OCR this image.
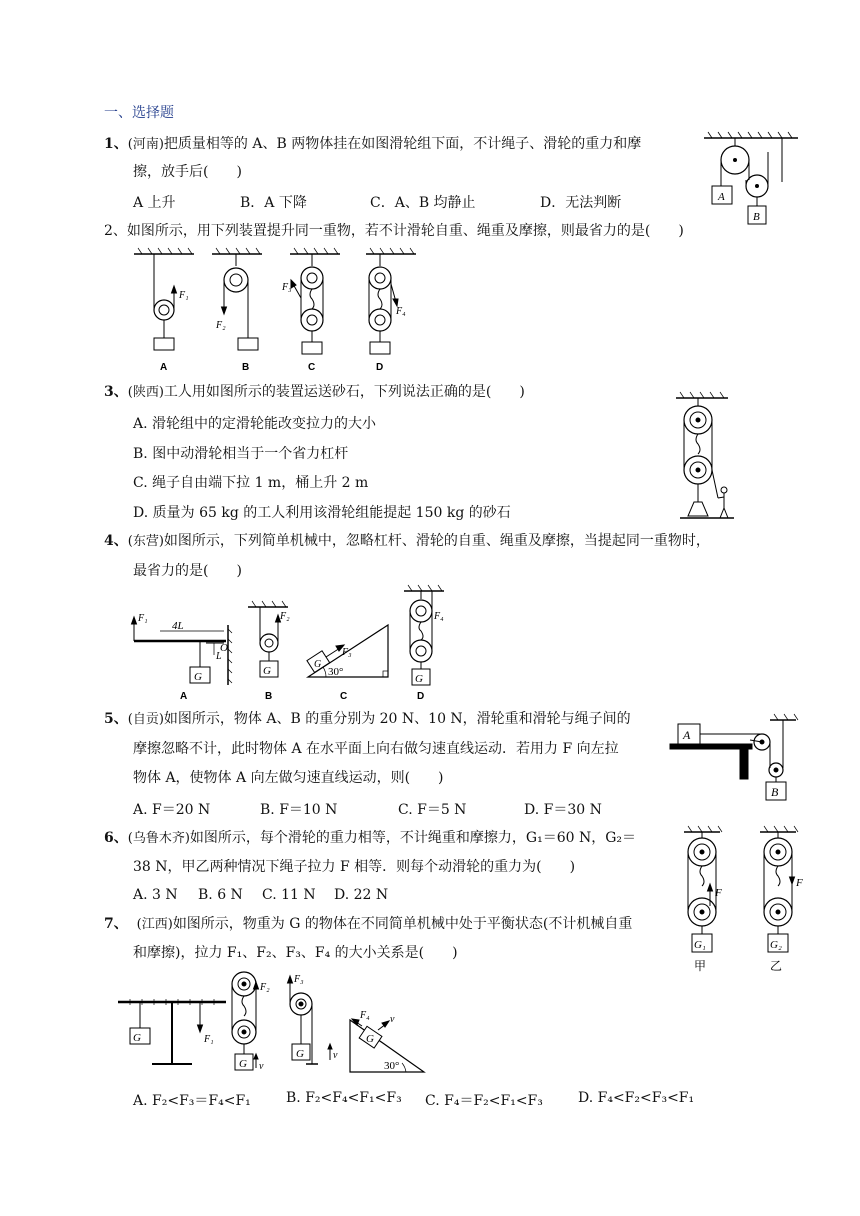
一、选择题
1、(河南)把质量相等的 A、B 两物体挂在如图滑轮组下面，不计绳子、滑轮的重力和摩
擦，放手后(　　)
A 上升	B．A 下降	C．A、B 均静止	D．无法判断	A
B
2、如图所示，用下列装置提升同一重物，若不计滑轮自重、绳重及摩擦，则最省力的是(　　)
F₁
F₂
F₃
F₄
A	B	C	D
3、(陕西)工人用如图所示的装置运送砂石，下列说法正确的是(　　)
A. 滑轮组中的定滑轮能改变拉力的大小
B. 图中动滑轮相当于一个省力杠杆
C. 绳子自由端下拉 1 m，桶上升 2 m
D. 质量为 65 kg 的工人利用该滑轮组能提起 150 kg 的砂石
4、(东营)如图所示，下列简单机械中，忽略杠杆、滑轮的自重、绳重及摩擦，当提起同一重物时，
最省力的是(　　)
F₁
4L
O
L
G
F₂
G
F₃
G
30°
F₄
G
A	B	C	D
5、(自贡)如图所示，物体 A、B 的重分别为 20 N、10 N，滑轮重和滑轮与绳子间的
摩擦忽略不计，此时物体 A 在水平面上向右做匀速直线运动．若用力 F 向左拉
物体 A，使物体 A 向左做匀速直线运动，则(　　)
A. F＝20 N	B. F＝10 N	C. F＝5 N	D. F＝30 N
A
B
6、(乌鲁木齐)如图所示，每个滑轮的重力相等，不计绳重和摩擦力，G₁＝60 N，G₂＝
38 N，甲乙两种情况下绳子拉力 F 相等．则每个动滑轮的重力为(　　)
A. 3 N B. 6 N C. 11 N D. 22 N
G₁	G₂
F
F
甲	乙
7、 (江西)如图所示，物重为 G 的物体在不同简单机械中处于平衡状态(不计机械自重
和摩擦)，拉力 F₁、F₂、F₃、F₄ 的大小关系是(　　)
G	F₁
F₂
G v
F₃
G	v
F₄ v
G
30°
A. F₂<F₃＝F₄<F₁	B. F₂<F₄<F₁<F₃ C. F₄＝F₂<F₁<F₃	D. F₄<F₂<F₃<F₁
